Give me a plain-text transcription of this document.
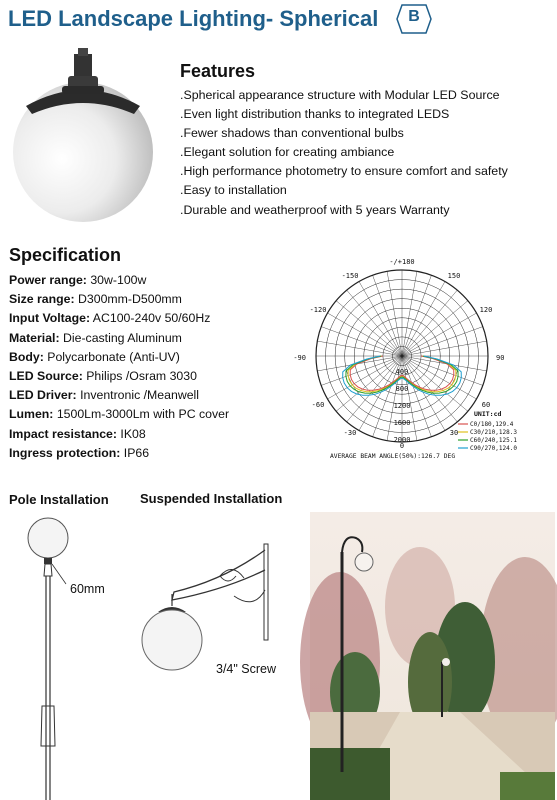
LED Landscape Lighting- Spherical	B
Features
.Spherical appearance structure with Modular LED Source
.Even light distribution thanks to integrated LEDS
.Fewer shadows than conventional bulbs
.Elegant solution for creating ambiance
.High performance photometry to ensure comfort and safety
.Easy to installation
.Durable and weatherproof with 5 years Warranty
Specification
Power range: 30w-100w
Size range: D300mm-D500mm
Input Voltage: AC100-240v 50/60Hz
Material: Die-casting Aluminum
Body: Polycarbonate (Anti-UV)
LED Source: Philips /Osram 3030
LED Driver: Inventronic /Meanwell
Lumen: 1500Lm-3000Lm with PC cover
Impact resistance: IK08
Ingress protection: IP66
-/+180
-150	150
-120	120
-90	90
-60	60
-30	30
0
400
800
1200
1600
2000
UNIT:cd
C0/180,129.4
C30/210,128.3
C60/240,125.1
C90/270,124.0
AVERAGE BEAM ANGLE(50%):126.7 DEG
Pole Installation Suspended Installation
60mm
3/4" Screw
